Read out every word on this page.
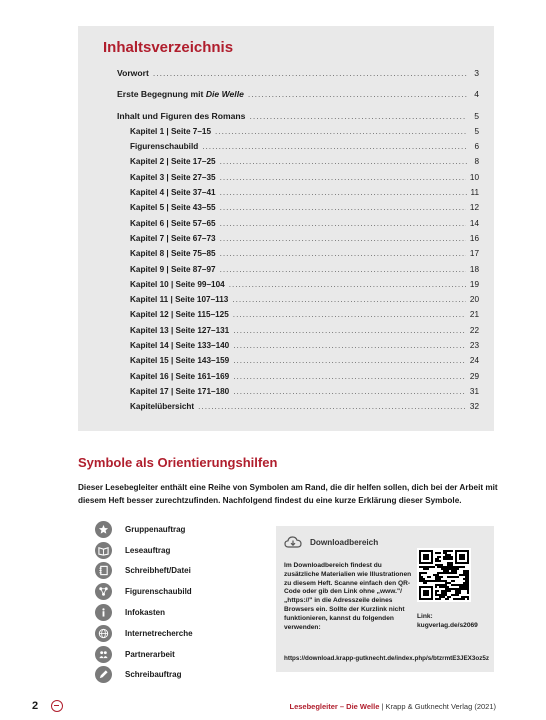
Inhaltsverzeichnis
Vorwort .....	3
Erste Begegnung mit Die Welle .....	4
Inhalt und Figuren des Romans .....	5
Kapitel 1 | Seite 7–15 .....	5
Figurenschaubild .....	6
Kapitel 2 | Seite 17–25 .....	8
Kapitel 3 | Seite 27–35 .....	10
Kapitel 4 | Seite 37–41 .....	11
Kapitel 5 | Seite 43–55 .....	12
Kapitel 6 | Seite 57–65 .....	14
Kapitel 7 | Seite 67–73 .....	16
Kapitel 8 | Seite 75–85 .....	17
Kapitel 9 | Seite 87–97 .....	18
Kapitel 10 | Seite 99–104 .....	19
Kapitel 11 | Seite 107–113 .....	20
Kapitel 12 | Seite 115–125 .....	21
Kapitel 13 | Seite 127–131 .....	22
Kapitel 14 | Seite 133–140 .....	23
Kapitel 15 | Seite 143–159 .....	24
Kapitel 16 | Seite 161–169 .....	29
Kapitel 17 | Seite 171–180 .....	31
Kapitelübersicht .....	32
Symbole als Orientierungshilfen
Dieser Lesebegleiter enthält eine Reihe von Symbolen am Rand, die dir helfen sollen, dich bei der Arbeit mit diesem Heft besser zurechtzufinden. Nachfolgend findest du eine kurze Erklärung dieser Symbole.
Gruppenauftrag
Leseauftrag
Schreibheft/Datei
Figurenschaubild
Infokasten
Internetrecherche
Partnerarbeit
Schreibauftrag
Downloadbereich
Im Downloadbereich findest du zusätzliche Materialien wie Illustrationen zu diesem Heft. Scanne einfach den QR-Code oder gib den Link ohne „www."/„https://" in die Adresszeile deines Browsers ein. Sollte der Kurzlink nicht funktionieren, kannst du folgenden verwenden:
Link:
kugverlag.de/s2069
https://download.krapp-gutknecht.de/index.php/s/btzrmtE3JEX3oz5z
2	Lesebegleiter – Die Welle | Krapp & Gutknecht Verlag (2021)
